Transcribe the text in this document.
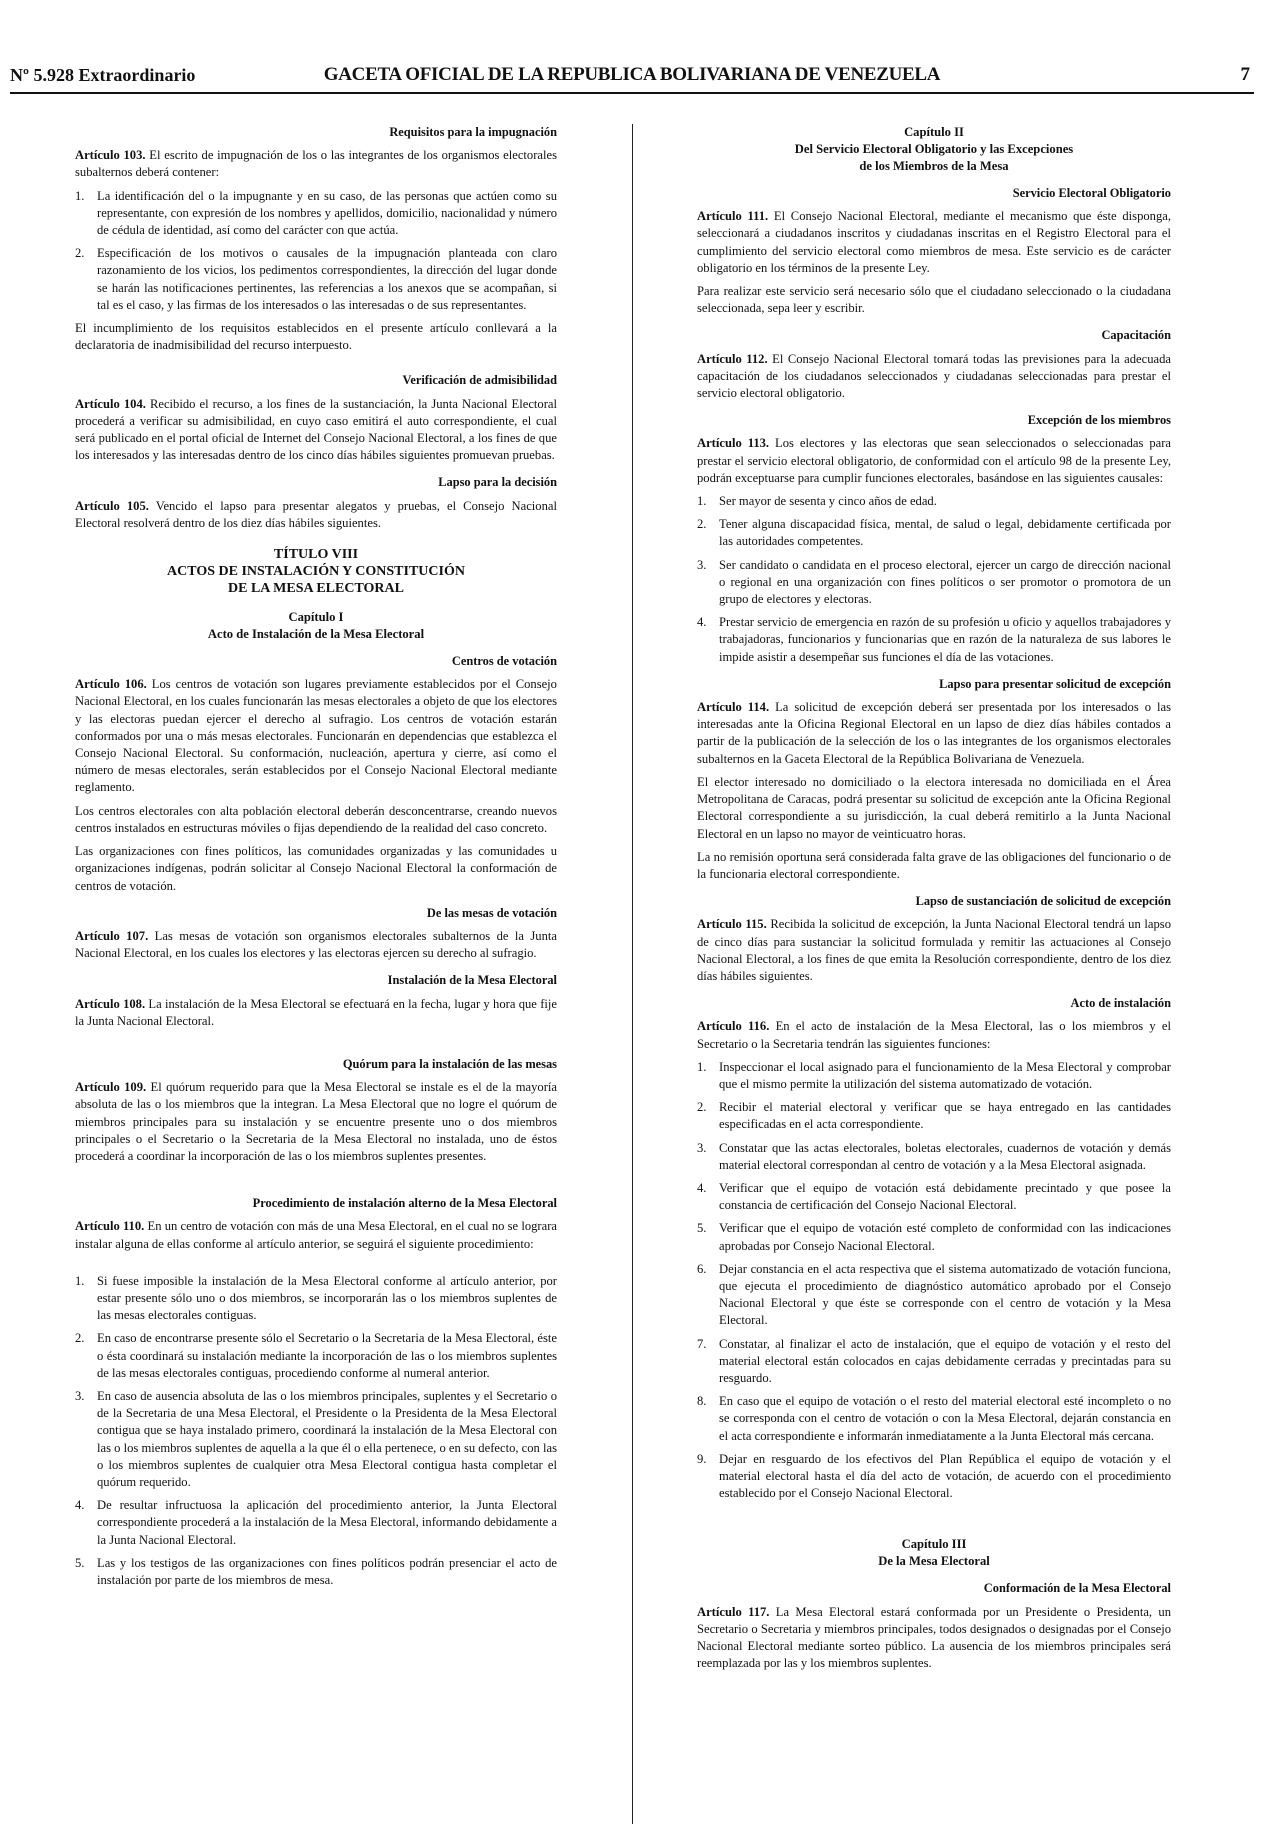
Nº 5.928 Extraordinario	GACETA OFICIAL DE LA REPUBLICA BOLIVARIANA DE VENEZUELA	7
Requisitos para la impugnación

Artículo 103. El escrito de impugnación de los o las integrantes de los organismos electorales subalternos deberá contener:

1. La identificación del o la impugnante y en su caso, de las personas que actúen como su representante, con expresión de los nombres y apellidos, domicilio, nacionalidad y número de cédula de identidad, así como del carácter con que actúa.
2. Especificación de los motivos o causales de la impugnación planteada con claro razonamiento de los vicios, los pedimentos correspondientes, la dirección del lugar donde se harán las notificaciones pertinentes, las referencias a los anexos que se acompañan, si tal es el caso, y las firmas de los interesados o las interesadas o de sus representantes.

El incumplimiento de los requisitos establecidos en el presente artículo conllevará a la declaratoria de inadmisibilidad del recurso interpuesto.

Verificación de admisibilidad

Artículo 104. Recibido el recurso, a los fines de la sustanciación, la Junta Nacional Electoral procederá a verificar su admisibilidad, en cuyo caso emitirá el auto correspondiente, el cual será publicado en el portal oficial de Internet del Consejo Nacional Electoral, a los fines de que los interesados y las interesadas dentro de los cinco días hábiles siguientes promuevan pruebas.

Lapso para la decisión

Artículo 105. Vencido el lapso para presentar alegatos y pruebas, el Consejo Nacional Electoral resolverá dentro de los diez días hábiles siguientes.

TÍTULO VIII
ACTOS DE INSTALACIÓN Y CONSTITUCIÓN
DE LA MESA ELECTORAL
Capítulo I
Acto de Instalación de la Mesa Electoral
Centros de votación

Artículo 106. Los centros de votación son lugares previamente establecidos por el Consejo Nacional Electoral, en los cuales funcionarán las mesas electorales a objeto de que los electores y las electoras puedan ejercer el derecho al sufragio. Los centros de votación estarán conformados por una o más mesas electorales. Funcionarán en dependencias que establezca el Consejo Nacional Electoral. Su conformación, nucleación, apertura y cierre, así como el número de mesas electorales, serán establecidos por el Consejo Nacional Electoral mediante reglamento.

Los centros electorales con alta población electoral deberán desconcentrarse, creando nuevos centros instalados en estructuras móviles o fijas dependiendo de la realidad del caso concreto.

Las organizaciones con fines políticos, las comunidades organizadas y las comunidades u organizaciones indígenas, podrán solicitar al Consejo Nacional Electoral la conformación de centros de votación.

De las mesas de votación

Artículo 107. Las mesas de votación son organismos electorales subalternos de la Junta Nacional Electoral, en los cuales los electores y las electoras ejercen su derecho al sufragio.

Instalación de la Mesa Electoral

Artículo 108. La instalación de la Mesa Electoral se efectuará en la fecha, lugar y hora que fije la Junta Nacional Electoral.

Quórum para la instalación de las mesas

Artículo 109. El quórum requerido para que la Mesa Electoral se instale es el de la mayoría absoluta de las o los miembros que la integran. La Mesa Electoral que no logre el quórum de miembros principales para su instalación y se encuentre presente uno o dos miembros principales o el Secretario o la Secretaria de la Mesa Electoral no instalada, uno de éstos procederá a coordinar la incorporación de las o los miembros suplentes presentes.

Procedimiento de instalación alterno de la Mesa Electoral

Artículo 110. En un centro de votación con más de una Mesa Electoral, en el cual no se lograra instalar alguna de ellas conforme al artículo anterior, se seguirá el siguiente procedimiento:

1. Si fuese imposible la instalación de la Mesa Electoral conforme al artículo anterior, por estar presente sólo uno o dos miembros, se incorporarán las o los miembros suplentes de las mesas electorales contiguas.
2. En caso de encontrarse presente sólo el Secretario o la Secretaria de la Mesa Electoral, éste o ésta coordinará su instalación mediante la incorporación de las o los miembros suplentes de las mesas electorales contiguas, procediendo conforme al numeral anterior.
3. En caso de ausencia absoluta de las o los miembros principales, suplentes y el Secretario o de la Secretaria de una Mesa Electoral, el Presidente o la Presidenta de la Mesa Electoral contigua que se haya instalado primero, coordinará la instalación de la Mesa Electoral con las o los miembros suplentes de aquella a la que él o ella pertenece, o en su defecto, con las o los miembros suplentes de cualquier otra Mesa Electoral contigua hasta completar el quórum requerido.
4. De resultar infructuosa la aplicación del procedimiento anterior, la Junta Electoral correspondiente procederá a la instalación de la Mesa Electoral, informando debidamente a la Junta Nacional Electoral.
5. Las y los testigos de las organizaciones con fines políticos podrán presenciar el acto de instalación por parte de los miembros de mesa.
Capítulo II
Del Servicio Electoral Obligatorio y las Excepciones
de los Miembros de la Mesa
Servicio Electoral Obligatorio

Artículo 111. El Consejo Nacional Electoral, mediante el mecanismo que éste disponga, seleccionará a ciudadanos inscritos y ciudadanas inscritas en el Registro Electoral para el cumplimiento del servicio electoral como miembros de mesa. Este servicio es de carácter obligatorio en los términos de la presente Ley.

Para realizar este servicio será necesario sólo que el ciudadano seleccionado o la ciudadana seleccionada, sepa leer y escribir.

Capacitación

Artículo 112. El Consejo Nacional Electoral tomará todas las previsiones para la adecuada capacitación de los ciudadanos seleccionados y ciudadanas seleccionadas para prestar el servicio electoral obligatorio.

Excepción de los miembros

Artículo 113. Los electores y las electoras que sean seleccionados o seleccionadas para prestar el servicio electoral obligatorio, de conformidad con el artículo 98 de la presente Ley, podrán exceptuarse para cumplir funciones electorales, basándose en las siguientes causales:

1. Ser mayor de sesenta y cinco años de edad.
2. Tener alguna discapacidad física, mental, de salud o legal, debidamente certificada por las autoridades competentes.
3. Ser candidato o candidata en el proceso electoral, ejercer un cargo de dirección nacional o regional en una organización con fines políticos o ser promotor o promotora de un grupo de electores y electoras.
4. Prestar servicio de emergencia en razón de su profesión u oficio y aquellos trabajadores y trabajadoras, funcionarios y funcionarias que en razón de la naturaleza de sus labores le impide asistir a desempeñar sus funciones el día de las votaciones.
Lapso para presentar solicitud de excepción

Artículo 114. La solicitud de excepción deberá ser presentada por los interesados o las interesadas ante la Oficina Regional Electoral en un lapso de diez días hábiles contados a partir de la publicación de la selección de los o las integrantes de los organismos electorales subalternos en la Gaceta Electoral de la República Bolivariana de Venezuela.

El elector interesado no domiciliado o la electora interesada no domiciliada en el Área Metropolitana de Caracas, podrá presentar su solicitud de excepción ante la Oficina Regional Electoral correspondiente a su jurisdicción, la cual deberá remitirlo a la Junta Nacional Electoral en un lapso no mayor de veinticuatro horas.

La no remisión oportuna será considerada falta grave de las obligaciones del funcionario o de la funcionaria electoral correspondiente.

Lapso de sustanciación de solicitud de excepción

Artículo 115. Recibida la solicitud de excepción, la Junta Nacional Electoral tendrá un lapso de cinco días para sustanciar la solicitud formulada y remitir las actuaciones al Consejo Nacional Electoral, a los fines de que emita la Resolución correspondiente, dentro de los diez días hábiles siguientes.

Acto de instalación

Artículo 116. En el acto de instalación de la Mesa Electoral, las o los miembros y el Secretario o la Secretaria tendrán las siguientes funciones:

1. Inspeccionar el local asignado para el funcionamiento de la Mesa Electoral y comprobar que el mismo permite la utilización del sistema automatizado de votación.
2. Recibir el material electoral y verificar que se haya entregado en las cantidades especificadas en el acta correspondiente.
3. Constatar que las actas electorales, boletas electorales, cuadernos de votación y demás material electoral correspondan al centro de votación y a la Mesa Electoral asignada.
4. Verificar que el equipo de votación está debidamente precintado y que posee la constancia de certificación del Consejo Nacional Electoral.
5. Verificar que el equipo de votación esté completo de conformidad con las indicaciones aprobadas por Consejo Nacional Electoral.
6. Dejar constancia en el acta respectiva que el sistema automatizado de votación funciona, que ejecuta el procedimiento de diagnóstico automático aprobado por el Consejo Nacional Electoral y que éste se corresponde con el centro de votación y la Mesa Electoral.
7. Constatar, al finalizar el acto de instalación, que el equipo de votación y el resto del material electoral están colocados en cajas debidamente cerradas y precintadas para su resguardo.
8. En caso que el equipo de votación o el resto del material electoral esté incompleto o no se corresponda con el centro de votación o con la Mesa Electoral, dejarán constancia en el acta correspondiente e informarán inmediatamente a la Junta Electoral más cercana.
9. Dejar en resguardo de los efectivos del Plan República el equipo de votación y el material electoral hasta el día del acto de votación, de acuerdo con el procedimiento establecido por el Consejo Nacional Electoral.
Capítulo III
De la Mesa Electoral
Conformación de la Mesa Electoral

Artículo 117. La Mesa Electoral estará conformada por un Presidente o Presidenta, un Secretario o Secretaria y miembros principales, todos designados o designadas por el Consejo Nacional Electoral mediante sorteo público. La ausencia de los miembros principales será reemplazada por las y los miembros suplentes.
